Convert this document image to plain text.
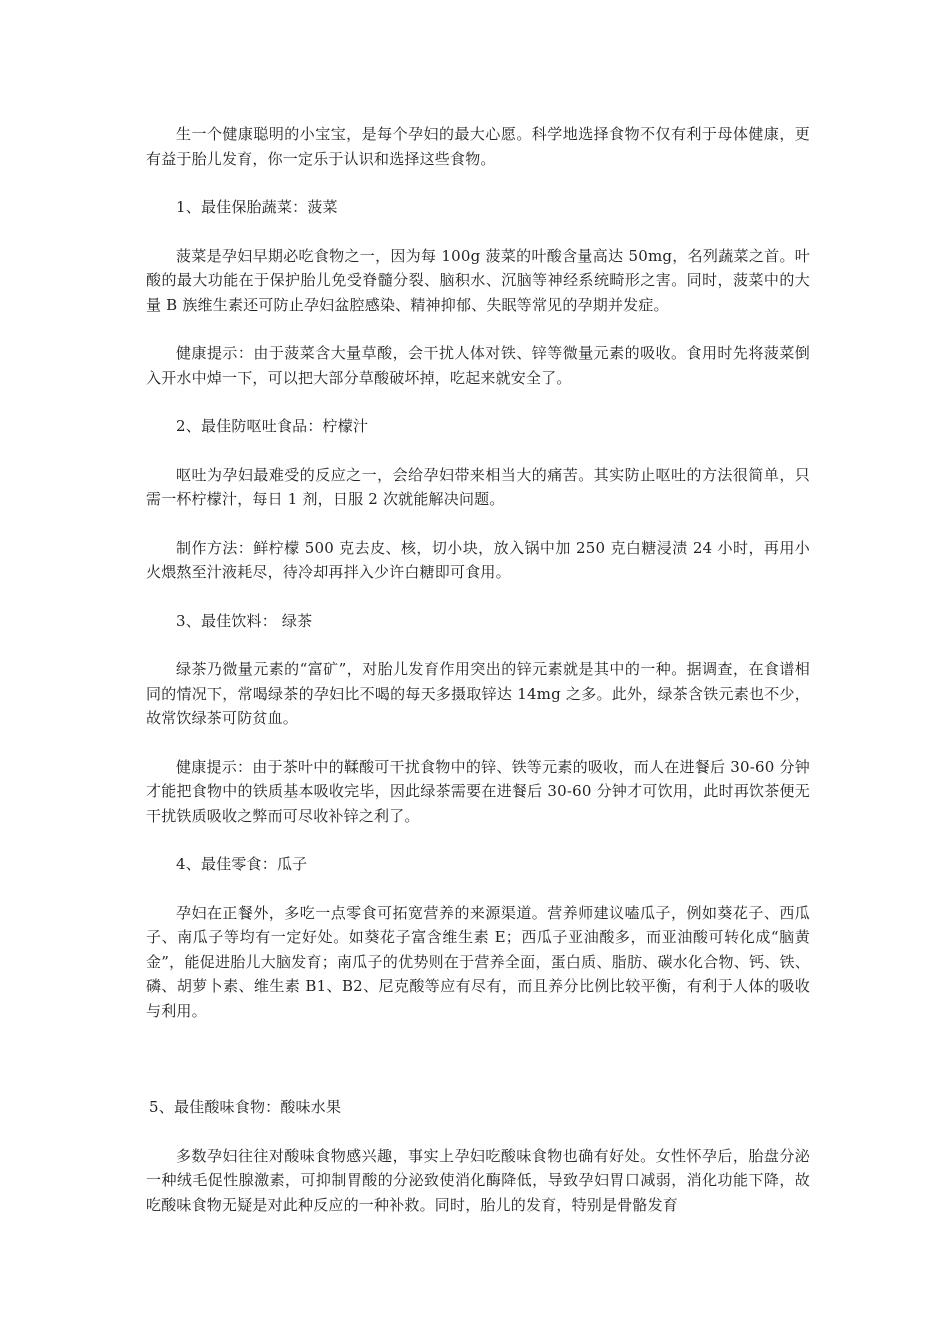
生一个健康聪明的小宝宝，是每个孕妇的最大心愿。科学地选择食物不仅有利于母体健康，更有益于胎儿发育，你一定乐于认识和选择这些食物。

1、最佳保胎蔬菜：菠菜

菠菜是孕妇早期必吃食物之一，因为每 100g 菠菜的叶酸含量高达 50mg，名列蔬菜之首。叶酸的最大功能在于保护胎儿免受脊髓分裂、脑积水、沉脑等神经系统畸形之害。同时，菠菜中的大量 B 族维生素还可防止孕妇盆腔感染、精神抑郁、失眠等常见的孕期并发症。

健康提示：由于菠菜含大量草酸，会干扰人体对铁、锌等微量元素的吸收。食用时先将菠菜倒入开水中焯一下，可以把大部分草酸破坏掉，吃起来就安全了。

2、最佳防呕吐食品：柠檬汁

呕吐为孕妇最难受的反应之一，会给孕妇带来相当大的痛苦。其实防止呕吐的方法很简单，只需一杯柠檬汁，每日 1 剂，日服 2 次就能解决问题。

制作方法：鲜柠檬 500 克去皮、核，切小块，放入锅中加 250 克白糖浸渍 24 小时，再用小火煨熬至汁液耗尽，待冷却再拌入少许白糖即可食用。

3、最佳饮料： 绿茶

绿茶乃微量元素的“富矿”，对胎儿发育作用突出的锌元素就是其中的一种。据调查，在食谱相同的情况下，常喝绿茶的孕妇比不喝的每天多摄取锌达 14mg 之多。此外，绿茶含铁元素也不少，故常饮绿茶可防贫血。

健康提示：由于茶叶中的鞣酸可干扰食物中的锌、铁等元素的吸收，而人在进餐后 30-60 分钟才能把食物中的铁质基本吸收完毕，因此绿茶需要在进餐后 30-60 分钟才可饮用，此时再饮茶便无干扰铁质吸收之弊而可尽收补锌之利了。

4、最佳零食：瓜子

孕妇在正餐外，多吃一点零食可拓宽营养的来源渠道。营养师建议嗑瓜子，例如葵花子、西瓜子、南瓜子等均有一定好处。如葵花子富含维生素 E；西瓜子亚油酸多，而亚油酸可转化成“脑黄金”，能促进胎儿大脑发育；南瓜子的优势则在于营养全面，蛋白质、脂肪、碳水化合物、钙、铁、磷、胡萝卜素、维生素 B1、B2、尼克酸等应有尽有，而且养分比例比较平衡，有利于人体的吸收与利用。

5、最佳酸味食物：酸味水果

多数孕妇往往对酸味食物感兴趣，事实上孕妇吃酸味食物也确有好处。女性怀孕后，胎盘分泌一种绒毛促性腺激素，可抑制胃酸的分泌致使消化酶降低，导致孕妇胃口减弱，消化功能下降，故吃酸味食物无疑是对此种反应的一种补救。同时，胎儿的发育，特别是骨骼发育
